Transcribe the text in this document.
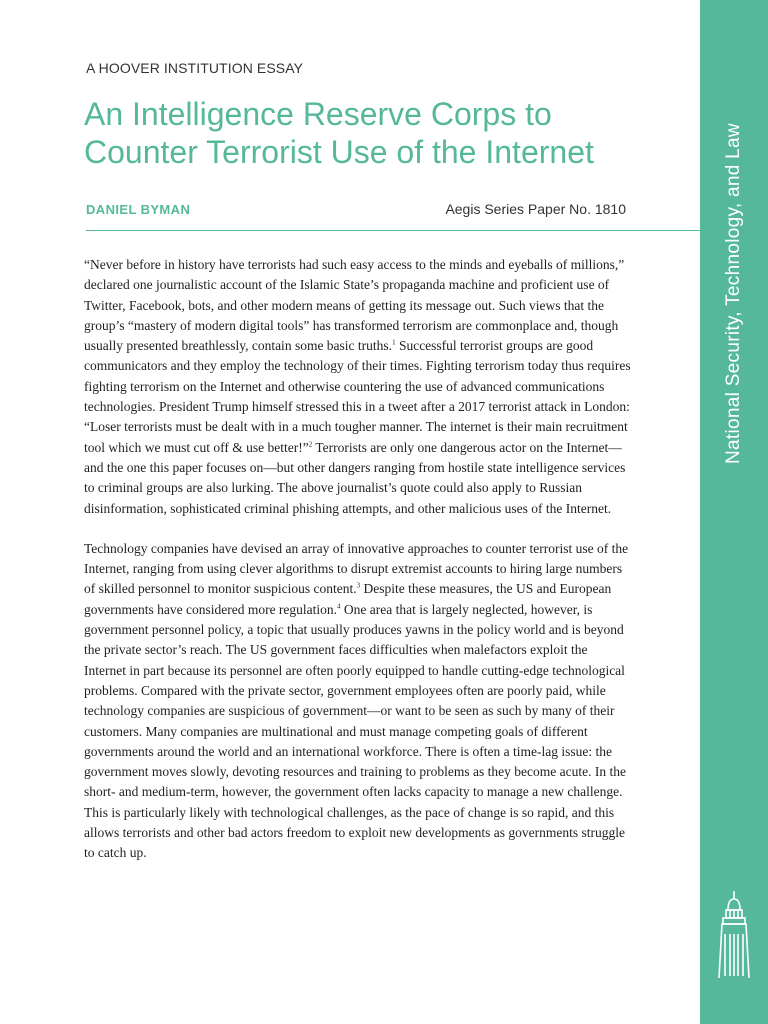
National Security, Technology, and Law
A HOOVER INSTITUTION ESSAY
An Intelligence Reserve Corps to
Counter Terrorist Use of the Internet
DANIEL BYMAN	Aegis Series Paper No. 1810

“Never before in history have terrorists had such easy access to the minds and eyeballs of millions,” declared one journalistic account of the Islamic State’s propaganda machine and proficient use of Twitter, Facebook, bots, and other modern means of getting its message out. Such views that the group’s “mastery of modern digital tools” has transformed terrorism are commonplace and, though usually presented breathlessly, contain some basic truths.$^1$ Successful terrorist groups are good communicators and they employ the technology of their times. Fighting terrorism today thus requires fighting terrorism on the Internet and otherwise countering the use of advanced communications technologies. President Trump himself stressed this in a tweet after a 2017 terrorist attack in London: “Loser terrorists must be dealt with in a much tougher manner. The internet is their main recruitment tool which we must cut off & use better!”$^2$ Terrorists are only one dangerous actor on the Internet—and the one this paper focuses on—but other dangers ranging from hostile state intelligence services to criminal groups are also lurking. The above journalist’s quote could also apply to Russian disinformation, sophisticated criminal phishing attempts, and other malicious uses of the Internet.

Technology companies have devised an array of innovative approaches to counter terrorist use of the Internet, ranging from using clever algorithms to disrupt extremist accounts to hiring large numbers of skilled personnel to monitor suspicious content.$^3$ Despite these measures, the US and European governments have considered more regulation.$^4$ One area that is largely neglected, however, is government personnel policy, a topic that usually produces yawns in the policy world and is beyond the private sector’s reach. The US government faces difficulties when malefactors exploit the Internet in part because its personnel are often poorly equipped to handle cutting-edge technological problems. Compared with the private sector, government employees often are poorly paid, while technology companies are suspicious of government—or want to be seen as such by many of their customers. Many companies are multinational and must manage competing goals of different governments around the world and an international workforce. There is often a time-lag issue: the government moves slowly, devoting resources and training to problems as they become acute. In the short- and medium-term, however, the government often lacks capacity to manage a new challenge. This is particularly likely with technological challenges, as the pace of change is so rapid, and this allows terrorists and other bad actors freedom to exploit new developments as governments struggle to catch up.
